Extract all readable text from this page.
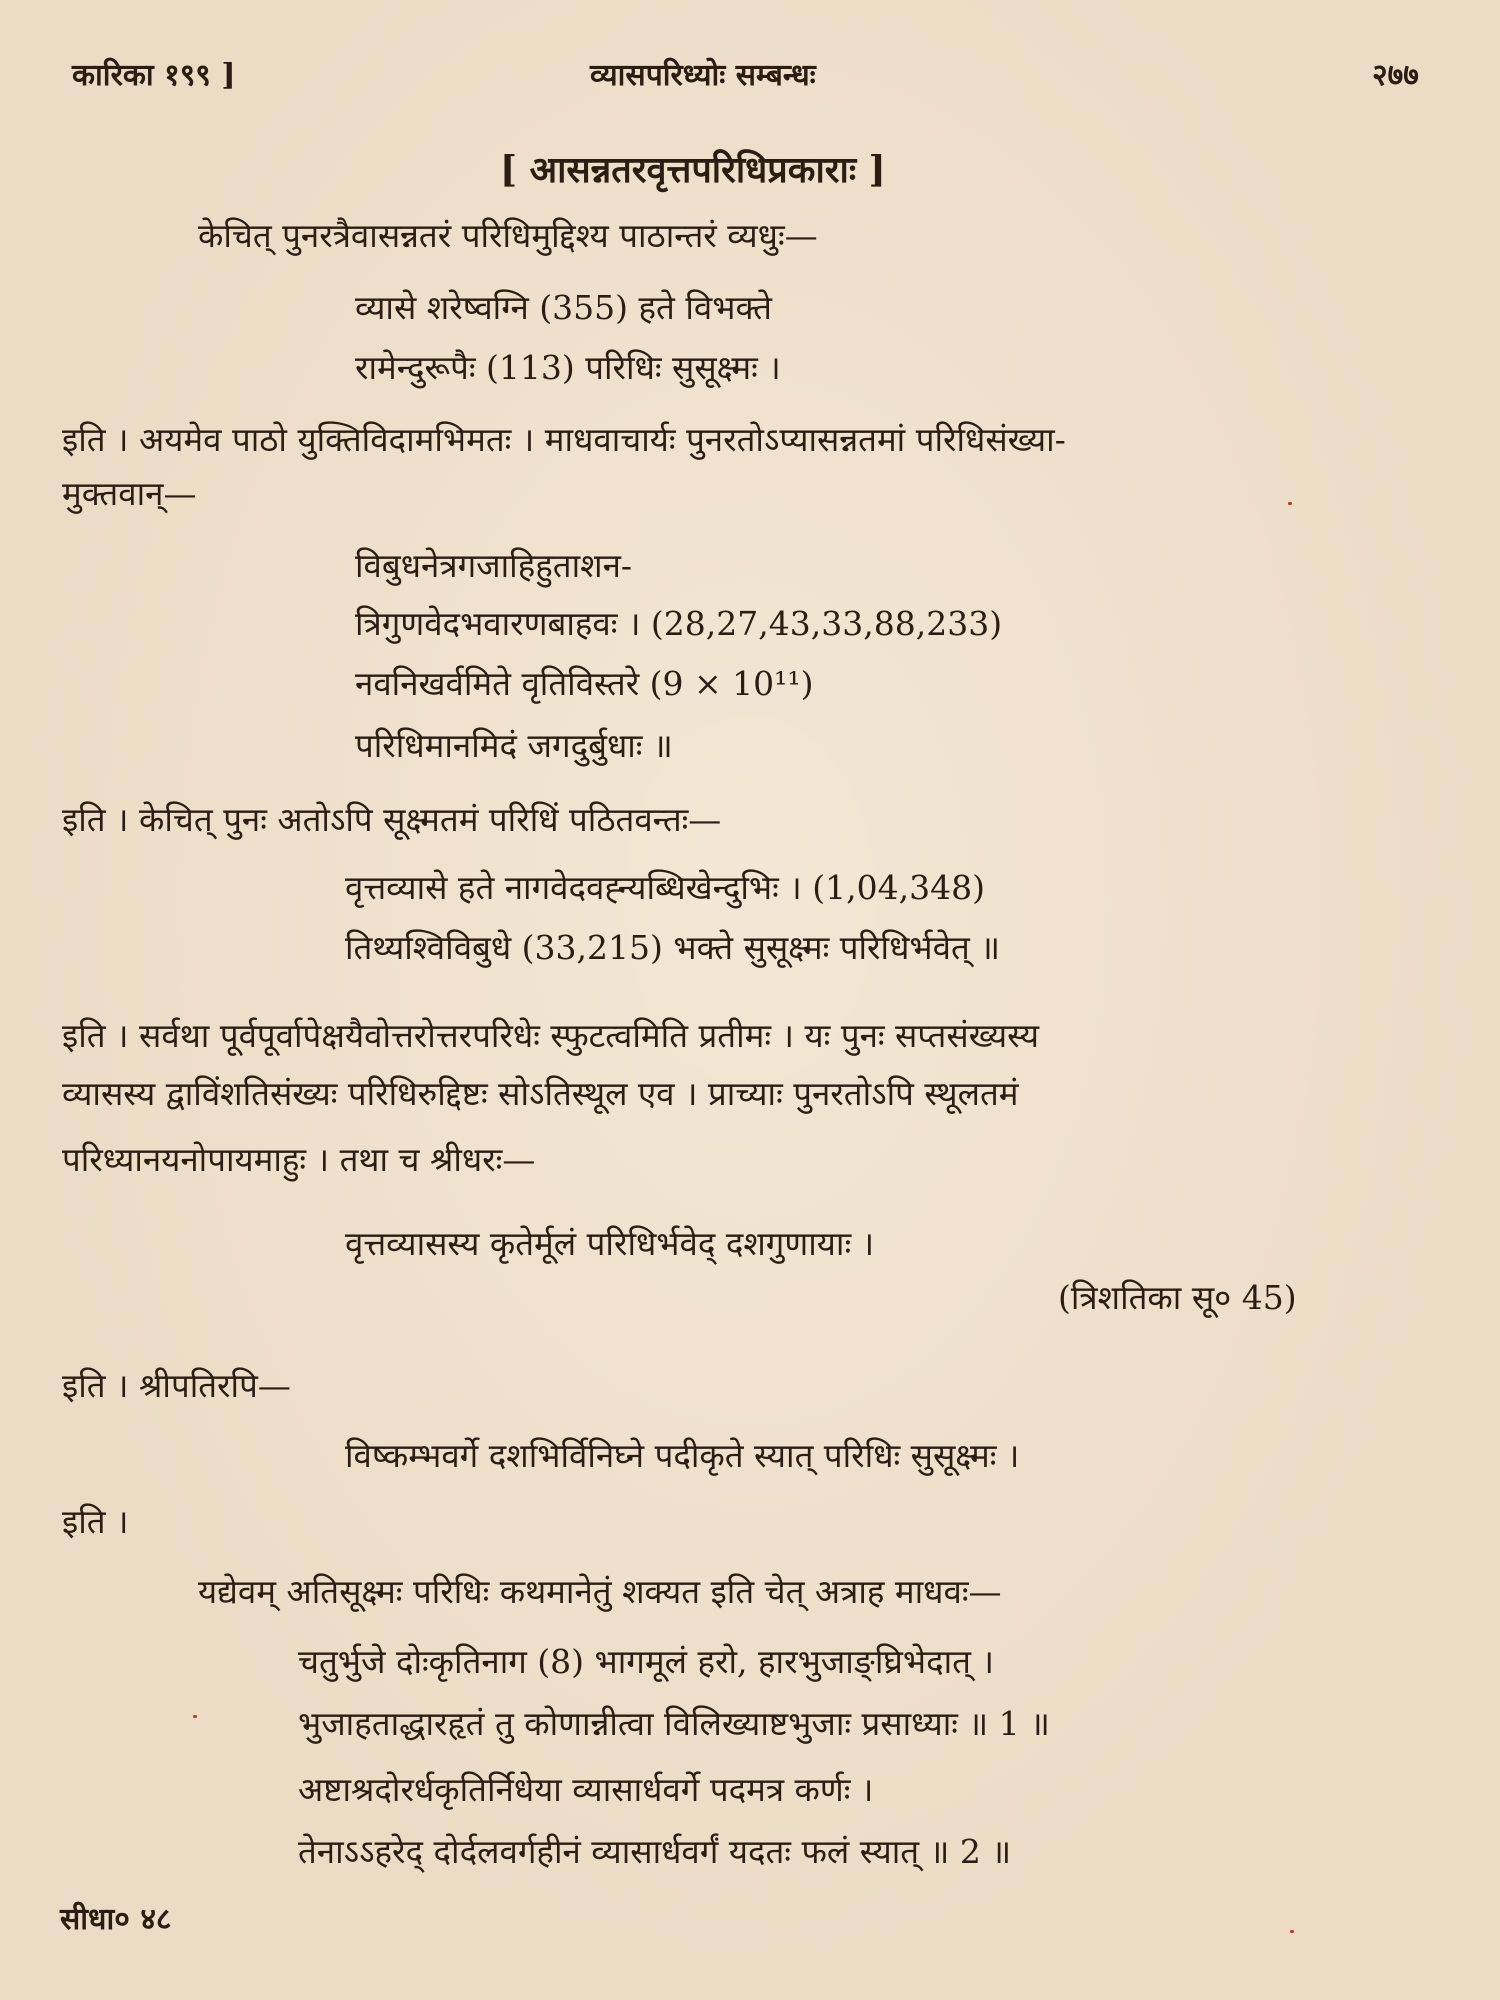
कारिका १९९ ]	व्यासपरिध्योः सम्बन्धः	२७७
[ आसन्नतरवृत्तपरिधिप्रकाराः ]
केचित् पुनरत्रैवासन्नतरं परिधिमुद्दिश्य पाठान्तरं व्यधुः—
व्यासे शरेष्वग्नि (355) हते विभक्ते
रामेन्दुरूपैः (113) परिधिः सुसूक्ष्मः ।
इति । अयमेव पाठो युक्तिविदामभिमतः । माधवाचार्यः पुनरतोऽप्यासन्नतमां परिधिसंख्या-
मुक्तवान्—
विबुधनेत्रगजाहिहुताशन-
त्रिगुणवेदभवारणबाहवः । (28,27,43,33,88,233)
नवनिखर्वमिते वृतिविस्तरे (9 × 10¹¹)
परिधिमानमिदं जगदुर्बुधाः ॥
इति । केचित् पुनः अतोऽपि सूक्ष्मतमं परिधिं पठितवन्तः—
वृत्तव्यासे हते नागवेदवह्न्यब्धिखेन्दुभिः । (1,04,348)
तिथ्यश्विविबुधे (33,215) भक्ते सुसूक्ष्मः परिधिर्भवेत् ॥
इति । सर्वथा पूर्वपूर्वापेक्षयैवोत्तरोत्तरपरिधेः स्फुटत्वमिति प्रतीमः । यः पुनः सप्तसंख्यस्य
व्यासस्य द्वाविंशतिसंख्यः परिधिरुद्दिष्टः सोऽतिस्थूल एव । प्राच्याः पुनरतोऽपि स्थूलतमं
परिध्यानयनोपायमाहुः । तथा च श्रीधरः—
वृत्तव्यासस्य कृतेर्मूलं परिधिर्भवेद् दशगुणायाः ।
(त्रिशतिका सू० 45)
इति । श्रीपतिरपि—
विष्कम्भवर्गे दशभिर्विनिघ्ने पदीकृते स्यात् परिधिः सुसूक्ष्मः ।
इति ।
यद्येवम् अतिसूक्ष्मः परिधिः कथमानेतुं शक्यत इति चेत् अत्राह माधवः—
चतुर्भुजे दोःकृतिनाग (8) भागमूलं हरो, हारभुजाङ्घ्रिभेदात् ।
भुजाहताद्धारहृतं तु कोणान्नीत्वा विलिख्याष्टभुजाः प्रसाध्याः ॥ 1 ॥
अष्टाश्रदोरर्धकृतिर्निधेया व्यासार्धवर्गे पदमत्र कर्णः ।
तेनाऽऽहरेद् दोर्दलवर्गहीनं व्यासार्धवर्गं यदतः फलं स्यात् ॥ 2 ॥
सीधा० ४८
